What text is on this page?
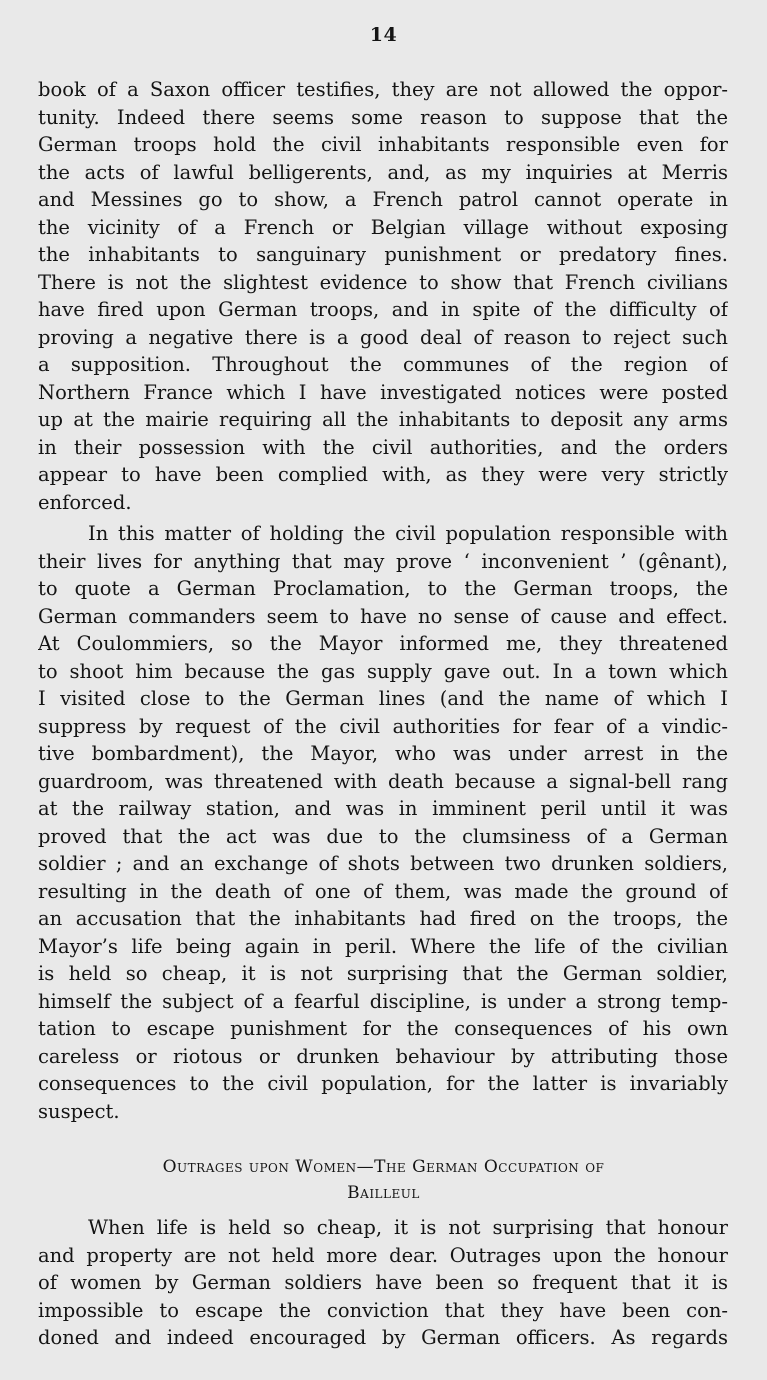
14
book of a Saxon officer testifies, they are not allowed the oppor-
tunity. Indeed there seems some reason to suppose that the
German troops hold the civil inhabitants responsible even for
the acts of lawful belligerents, and, as my inquiries at Merris
and Messines go to show, a French patrol cannot operate in
the vicinity of a French or Belgian village without exposing
the inhabitants to sanguinary punishment or predatory fines.
There is not the slightest evidence to show that French civilians
have fired upon German troops, and in spite of the difficulty of
proving a negative there is a good deal of reason to reject such
a supposition. Throughout the communes of the region of
Northern France which I have investigated notices were posted
up at the mairie requiring all the inhabitants to deposit any arms
in their possession with the civil authorities, and the orders
appear to have been complied with, as they were very strictly
enforced.
In this matter of holding the civil population responsible with
their lives for anything that may prove ‘ inconvenient ’ (gênant),
to quote a German Proclamation, to the German troops, the
German commanders seem to have no sense of cause and effect.
At Coulommiers, so the Mayor informed me, they threatened
to shoot him because the gas supply gave out. In a town which
I visited close to the German lines (and the name of which I
suppress by request of the civil authorities for fear of a vindic-
tive bombardment), the Mayor, who was under arrest in the
guardroom, was threatened with death because a signal-bell rang
at the railway station, and was in imminent peril until it was
proved that the act was due to the clumsiness of a German
soldier ; and an exchange of shots between two drunken soldiers,
resulting in the death of one of them, was made the ground of
an accusation that the inhabitants had fired on the troops, the
Mayor’s life being again in peril. Where the life of the civilian
is held so cheap, it is not surprising that the German soldier,
himself the subject of a fearful discipline, is under a strong temp-
tation to escape punishment for the consequences of his own
careless or riotous or drunken behaviour by attributing those
consequences to the civil population, for the latter is invariably
suspect.
Outrages upon Women—The German Occupation of
Bailleul
When life is held so cheap, it is not surprising that honour
and property are not held more dear. Outrages upon the honour
of women by German soldiers have been so frequent that it is
impossible to escape the conviction that they have been con-
doned and indeed encouraged by German officers. As regards
